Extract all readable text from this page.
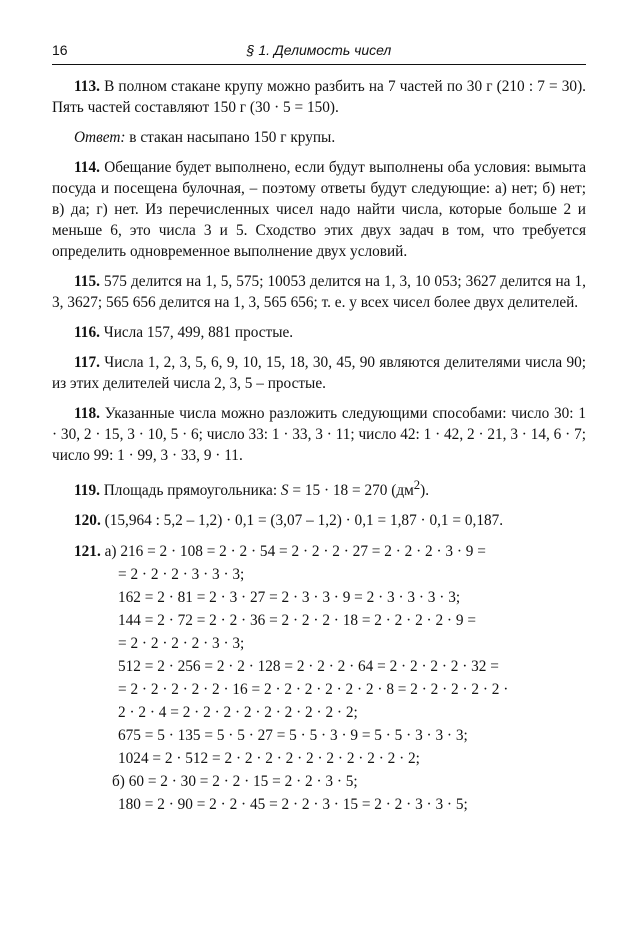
16	§ 1. Делимость чисел

113. В полном стакане крупу можно разбить на 7 частей по 30 г (210 : 7 = 30). Пять частей составляют 150 г (30 · 5 = 150).

Ответ: в стакан насыпано 150 г крупы.

114. Обещание будет выполнено, если будут выполнены оба условия: вымыта посуда и посещена булочная, – поэтому ответы будут следующие: а) нет; б) нет; в) да; г) нет. Из перечисленных чисел надо найти числа, которые больше 2 и меньше 6, это числа 3 и 5. Сходство этих двух задач в том, что требуется определить одновременное выполнение двух условий.

115. 575 делится на 1, 5, 575; 10053 делится на 1, 3, 10 053; 3627 делится на 1, 3, 3627; 565 656 делится на 1, 3, 565 656; т. е. у всех чисел более двух делителей.

116. Числа 157, 499, 881 простые.

117. Числа 1, 2, 3, 5, 6, 9, 10, 15, 18, 30, 45, 90 являются делителями числа 90; из этих делителей числа 2, 3, 5 – простые.

118. Указанные числа можно разложить следующими способами: число 30: 1 · 30, 2 · 15, 3 · 10, 5 · 6; число 33: 1 · 33, 3 · 11; число 42: 1 · 42, 2 · 21, 3 · 14, 6 · 7; число 99: 1 · 99, 3 · 33, 9 · 11.

119. Площадь прямоугольника: S = 15 · 18 = 270 $(дм^2)$.

120. (15,964 : 5,2 – 1,2) · 0,1 = (3,07 – 1,2) · 0,1 = 1,87 · 0,1 = 0,187.

121. а) 216 = 2 · 108 = 2 · 2 · 54 = 2 · 2 · 2 · 27 = 2 · 2 · 2 · 3 · 9 =
= 2 · 2 · 2 · 3 · 3 · 3;
162 = 2 · 81 = 2 · 3 · 27 = 2 · 3 · 3 · 9 = 2 · 3 · 3 · 3 · 3;
144 = 2 · 72 = 2 · 2 · 36 = 2 · 2 · 2 · 18 = 2 · 2 · 2 · 2 · 9 =
= 2 · 2 · 2 · 2 · 3 · 3;
512 = 2 · 256 = 2 · 2 · 128 = 2 · 2 · 2 · 64 = 2 · 2 · 2 · 2 · 32 =
= 2 · 2 · 2 · 2 · 2 · 16 = 2 · 2 · 2 · 2 · 2 · 2 · 8 = 2 · 2 · 2 · 2 · 2 ·
2 · 2 · 4 = 2 · 2 · 2 · 2 · 2 · 2 · 2 · 2 · 2;
675 = 5 · 135 = 5 · 5 · 27 = 5 · 5 · 3 · 9 = 5 · 5 · 3 · 3 · 3;
1024 = 2 · 512 = 2 · 2 · 2 · 2 · 2 · 2 · 2 · 2 · 2 · 2;
б) 60 = 2 · 30 = 2 · 2 · 15 = 2 · 2 · 3 · 5;
180 = 2 · 90 = 2 · 2 · 45 = 2 · 2 · 3 · 15 = 2 · 2 · 3 · 3 · 5;
